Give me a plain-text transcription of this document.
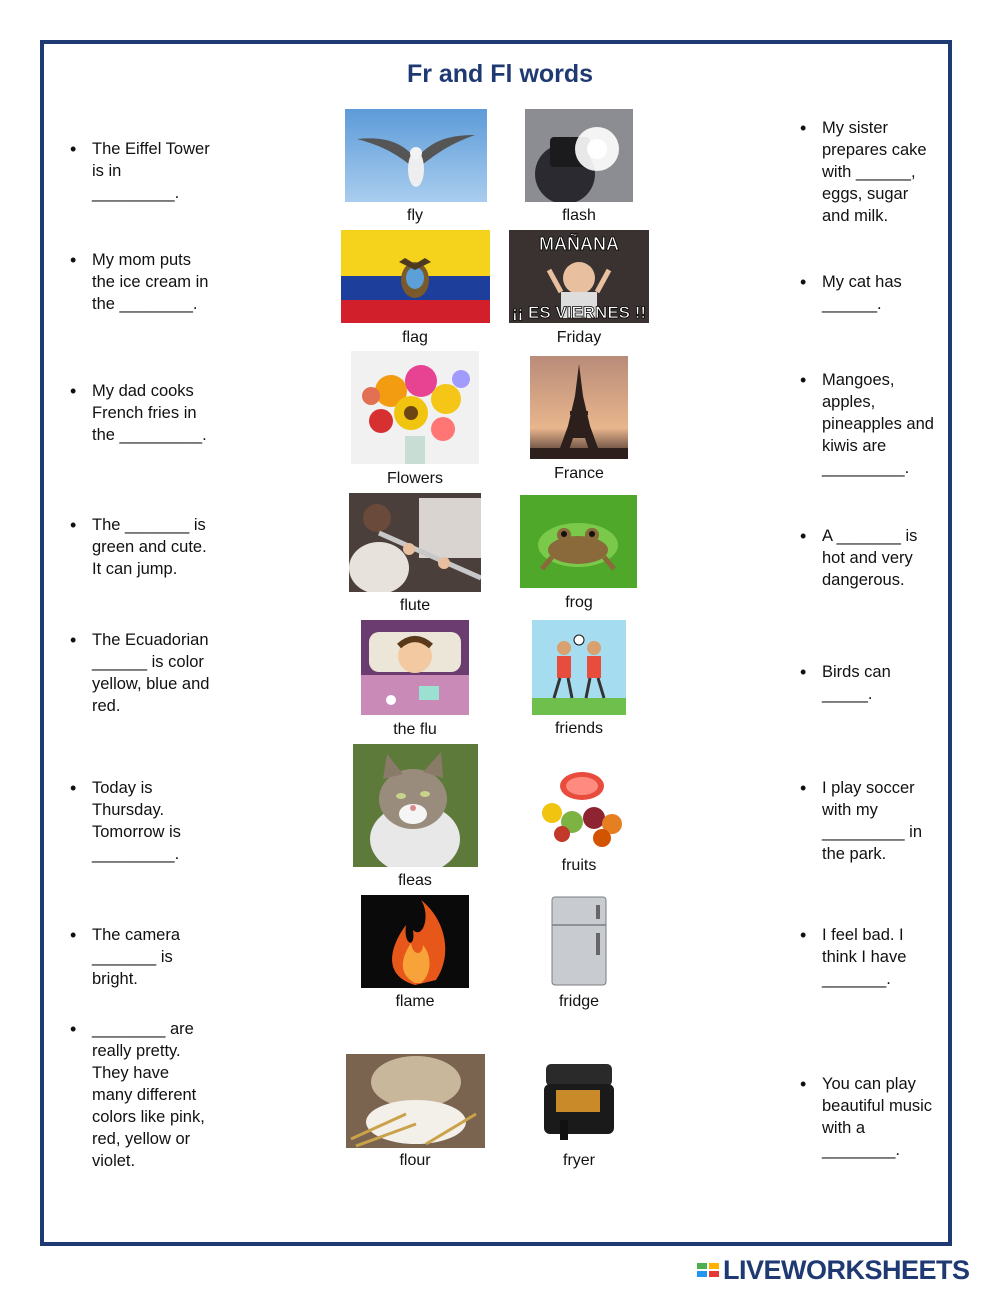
Fr and Fl words
• The Eiffel Tower is in _________.
• My mom puts the ice cream in the ________.
• My dad cooks French fries in the _________.
• The _______ is green and cute. It can jump.
• The Ecuadorian ______ is color yellow, blue and red.
• Today is Thursday. Tomorrow is _________.
• The camera _______ is bright.
• ________ are really pretty. They have many different colors like pink, red, yellow or violet.
• My sister prepares cake with ______, eggs, sugar and milk.
• My cat has ______.
• Mangoes, apples, pineapples and kiwis are _________.
• A _______ is hot and very dangerous.
• Birds can _____.
• I play soccer with my _________ in the park.
• I feel bad. I think I have _______.
• You can play beautiful music with a ________.
fly	flash
flag
MAÑANA
¡¡ ES VIERNES !!
Friday
Flowers	France
flute	frog
the flu	friends
fleas
fruits
flame	fridge
flour	fryer
LIVEWORKSHEETS
